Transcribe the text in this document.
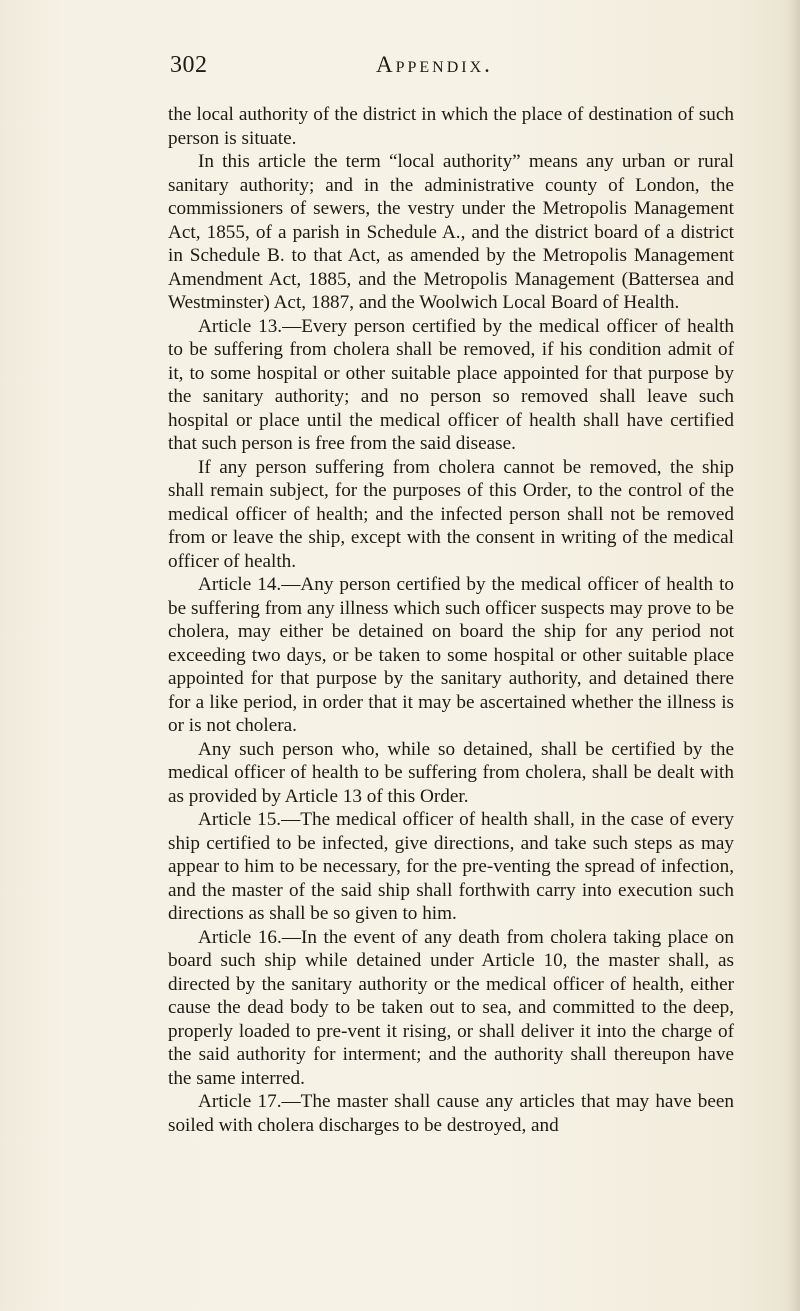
302	Appendix.

the local authority of the district in which the place of destination of such person is situate.

In this article the term “local authority” means any urban or rural sanitary authority; and in the administrative county of London, the commissioners of sewers, the vestry under the Metropolis Management Act, 1855, of a parish in Schedule A., and the district board of a district in Schedule B. to that Act, as amended by the Metropolis Management Amendment Act, 1885, and the Metropolis Management (Battersea and Westminster) Act, 1887, and the Woolwich Local Board of Health.

Article 13.—Every person certified by the medical officer of health to be suffering from cholera shall be removed, if his condition admit of it, to some hospital or other suitable place appointed for that purpose by the sanitary authority; and no person so removed shall leave such hospital or place until the medical officer of health shall have certified that such person is free from the said disease.

If any person suffering from cholera cannot be removed, the ship shall remain subject, for the purposes of this Order, to the control of the medical officer of health; and the infected person shall not be removed from or leave the ship, except with the consent in writing of the medical officer of health.

Article 14.—Any person certified by the medical officer of health to be suffering from any illness which such officer suspects may prove to be cholera, may either be detained on board the ship for any period not exceeding two days, or be taken to some hospital or other suitable place appointed for that purpose by the sanitary authority, and detained there for a like period, in order that it may be ascertained whether the illness is or is not cholera.

Any such person who, while so detained, shall be certified by the medical officer of health to be suffering from cholera, shall be dealt with as provided by Article 13 of this Order.

Article 15.—The medical officer of health shall, in the case of every ship certified to be infected, give directions, and take such steps as may appear to him to be necessary, for the pre-venting the spread of infection, and the master of the said ship shall forthwith carry into execution such directions as shall be so given to him.

Article 16.—In the event of any death from cholera taking place on board such ship while detained under Article 10, the master shall, as directed by the sanitary authority or the medical officer of health, either cause the dead body to be taken out to sea, and committed to the deep, properly loaded to pre-vent it rising, or shall deliver it into the charge of the said authority for interment; and the authority shall thereupon have the same interred.

Article 17.—The master shall cause any articles that may have been soiled with cholera discharges to be destroyed, and
